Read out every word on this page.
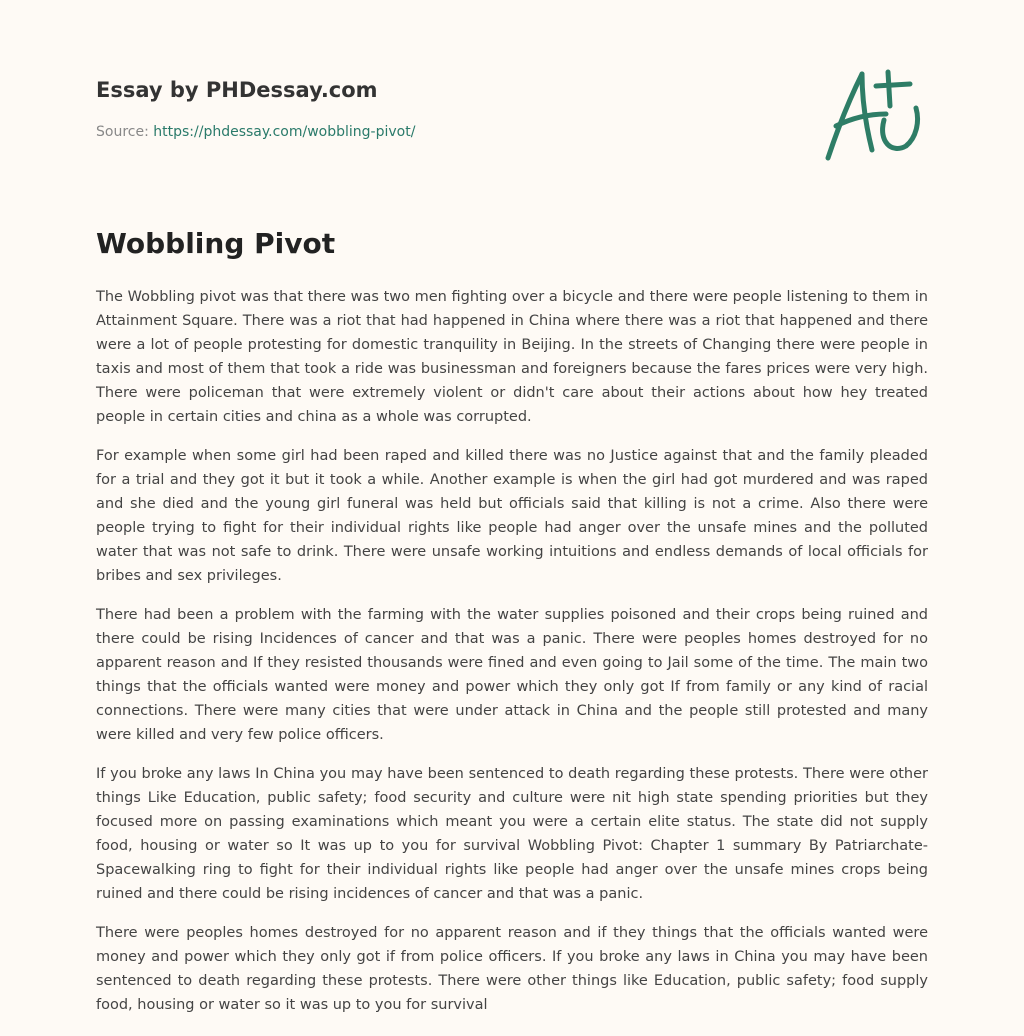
Essay by PHDessay.com
Source: https://phdessay.com/wobbling-pivot/
Wobbling Pivot

The Wobbling pivot was that there was two men fighting over a bicycle and there were people listening to them in Attainment Square. There was a riot that had happened in China where there was a riot that happened and there were a lot of people protesting for domestic tranquility in Beijing. In the streets of Changing there were people in taxis and most of them that took a ride was businessman and foreigners because the fares prices were very high. There were policeman that were extremely violent or didn't care about their actions about how hey treated people in certain cities and china as a whole was corrupted.

For example when some girl had been raped and killed there was no Justice against that and the family pleaded for a trial and they got it but it took a while. Another example is when the girl had got murdered and was raped and she died and the young girl funeral was held but officials said that killing is not a crime. Also there were people trying to fight for their individual rights like people had anger over the unsafe mines and the polluted water that was not safe to drink. There were unsafe working intuitions and endless demands of local officials for bribes and sex privileges.

There had been a problem with the farming with the water supplies poisoned and their crops being ruined and there could be rising Incidences of cancer and that was a panic. There were peoples homes destroyed for no apparent reason and If they resisted thousands were fined and even going to Jail some of the time. The main two things that the officials wanted were money and power which they only got If from family or any kind of racial connections. There were many cities that were under attack in China and the people still protested and many were killed and very few police officers.

If you broke any laws In China you may have been sentenced to death regarding these protests. There were other things Like Education, public safety; food security and culture were nit high state spending priorities but they focused more on passing examinations which meant you were a certain elite status. The state did not supply food, housing or water so It was up to you for survival Wobbling Pivot: Chapter 1 summary By Patriarchate-Spacewalking ring to fight for their individual rights like people had anger over the unsafe mines crops being ruined and there could be rising incidences of cancer and that was a panic.

There were peoples homes destroyed for no apparent reason and if they things that the officials wanted were money and power which they only got if from police officers. If you broke any laws in China you may have been sentenced to death regarding these protests. There were other things like Education, public safety; food supply food, housing or water so it was up to you for survival
